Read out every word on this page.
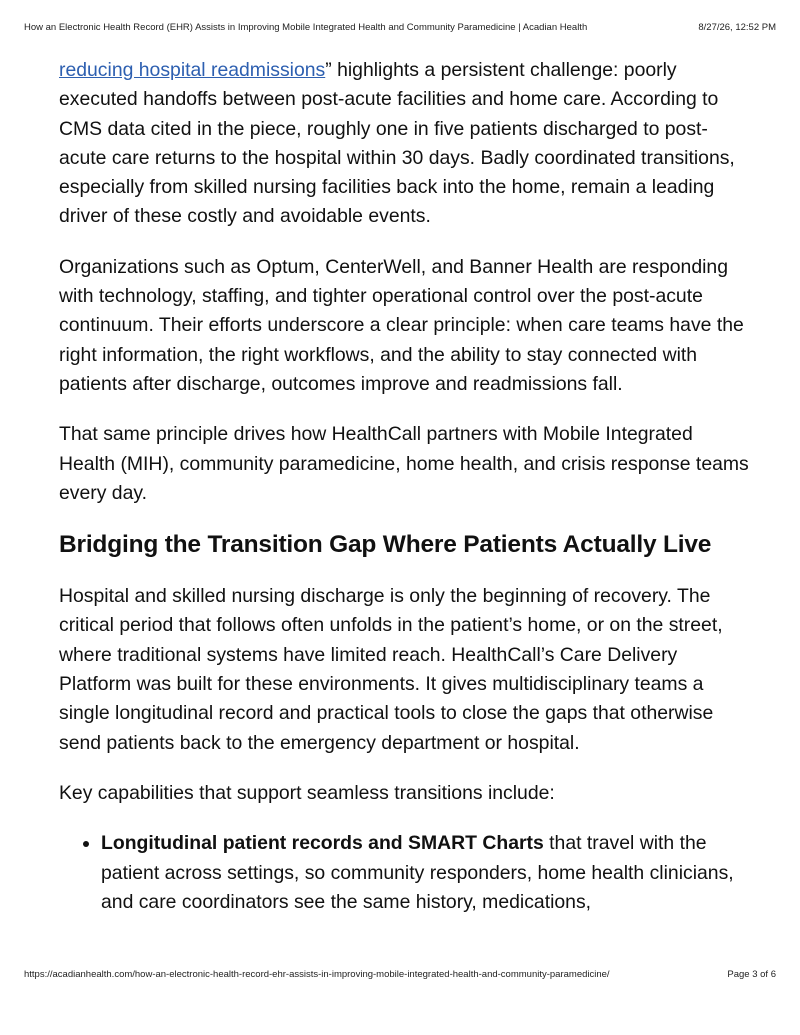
How an Electronic Health Record (EHR) Assists in Improving Mobile Integrated Health and Community Paramedicine | Acadian Health	8/27/26, 12:52 PM

reducing hospital readmissions” highlights a persistent challenge: poorly executed handoffs between post-acute facilities and home care. According to CMS data cited in the piece, roughly one in five patients discharged to post-acute care returns to the hospital within 30 days. Badly coordinated transitions, especially from skilled nursing facilities back into the home, remain a leading driver of these costly and avoidable events.

Organizations such as Optum, CenterWell, and Banner Health are responding with technology, staffing, and tighter operational control over the post-acute continuum. Their efforts underscore a clear principle: when care teams have the right information, the right workflows, and the ability to stay connected with patients after discharge, outcomes improve and readmissions fall.

That same principle drives how HealthCall partners with Mobile Integrated Health (MIH), community paramedicine, home health, and crisis response teams every day.

Bridging the Transition Gap Where Patients Actually Live

Hospital and skilled nursing discharge is only the beginning of recovery. The critical period that follows often unfolds in the patient’s home, or on the street, where traditional systems have limited reach. HealthCall’s Care Delivery Platform was built for these environments. It gives multidisciplinary teams a single longitudinal record and practical tools to close the gaps that otherwise send patients back to the emergency department or hospital.

Key capabilities that support seamless transitions include:

• Longitudinal patient records and SMART Charts that travel with the patient across settings, so community responders, home health clinicians, and care coordinators see the same history, medications,
https://acadianhealth.com/how-an-electronic-health-record-ehr-assists-in-improving-mobile-integrated-health-and-community-paramedicine/	Page 3 of 6
